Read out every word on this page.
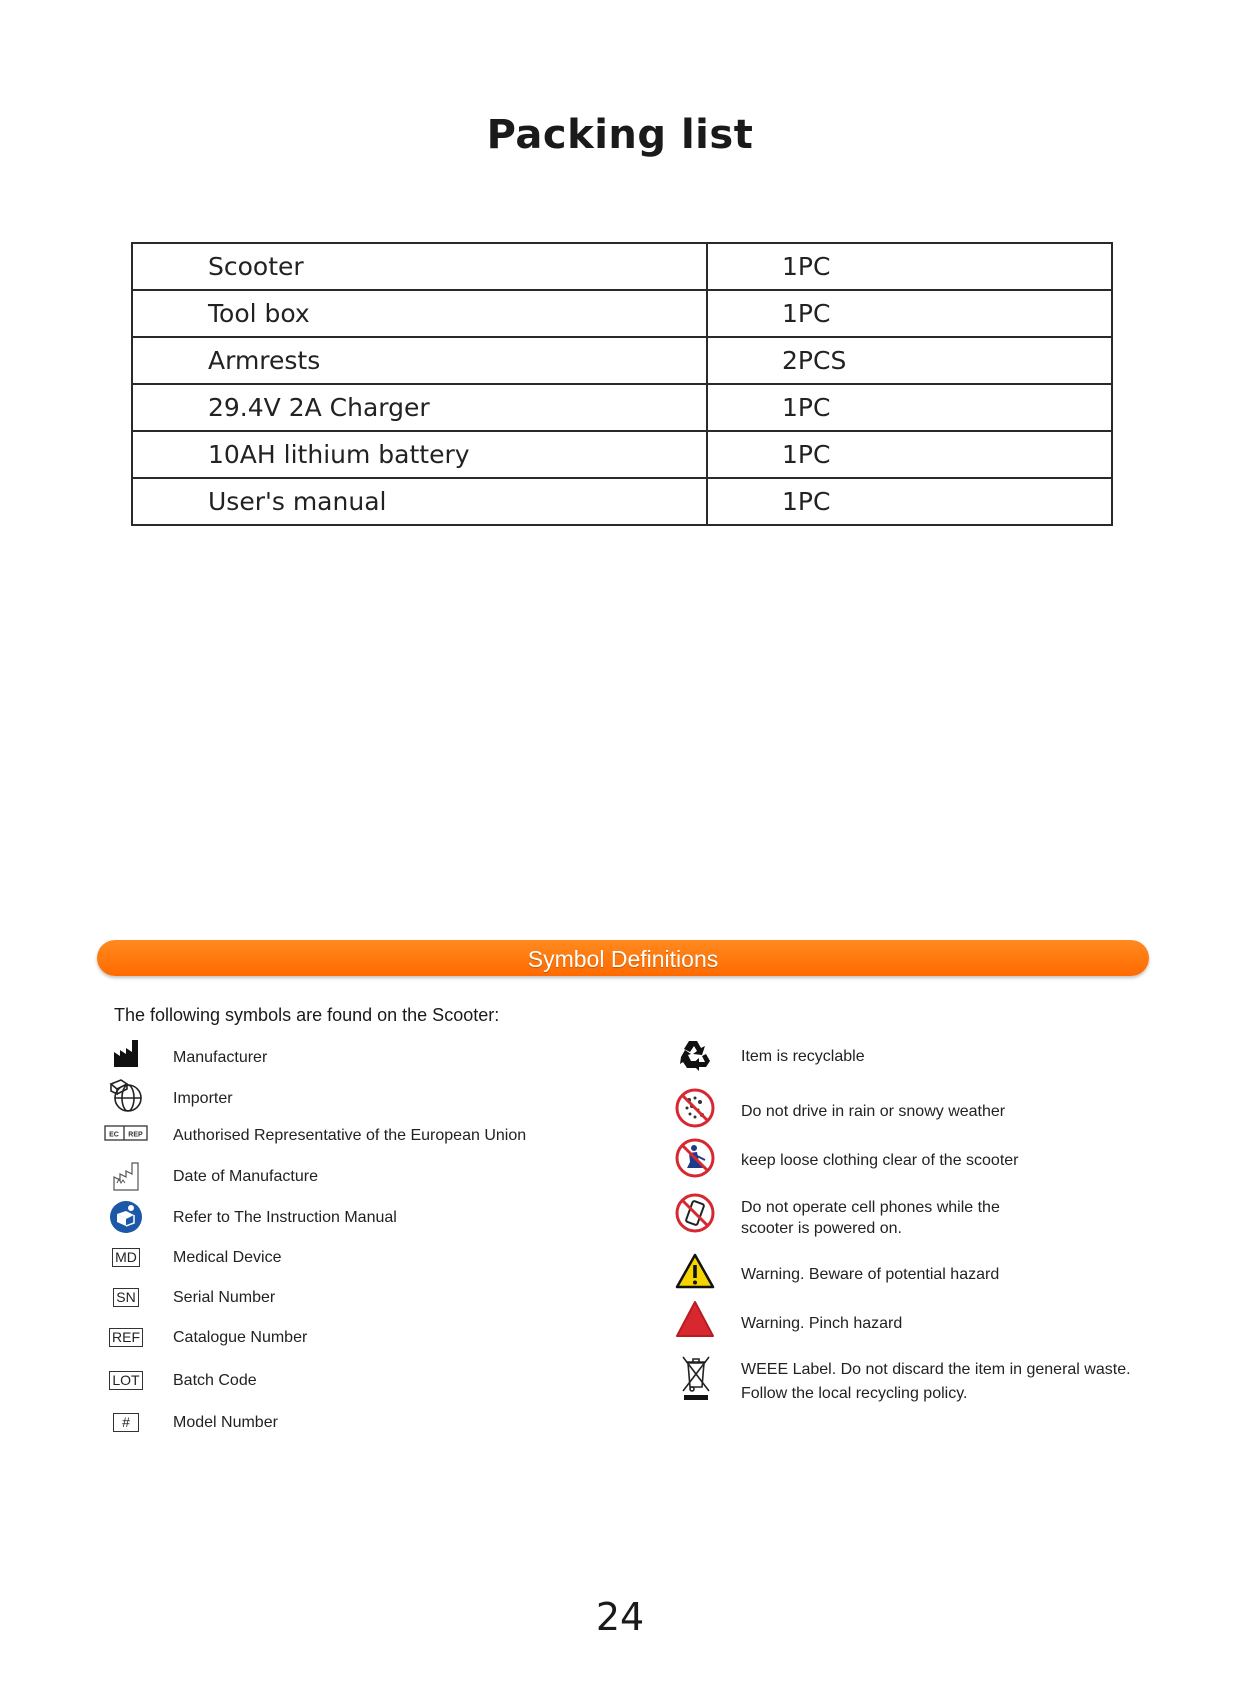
Packing list
Scooter	1PC
Tool box	1PC
Armrests	2PCS
29.4V 2A Charger	1PC
10AH lithium battery	1PC
User's manual	1PC
Symbol Definitions
The following symbols are found on the Scooter:
Manufacturer
Importer
EC REP Authorised Representative of the European Union
Date of Manufacture
Refer to The Instruction Manual
MD Medical Device
SN Serial Number
REF Catalogue Number
LOT Batch Code
#	Model Number
Item is recyclable
Do not drive in rain or snowy weather
keep loose clothing clear of the scooter
Do not operate cell phones while the
scooter is powered on.
Warning. Beware of potential hazard
Warning. Pinch hazard
WEEE Label. Do not discard the item in general waste.
Follow the local recycling policy.
24
